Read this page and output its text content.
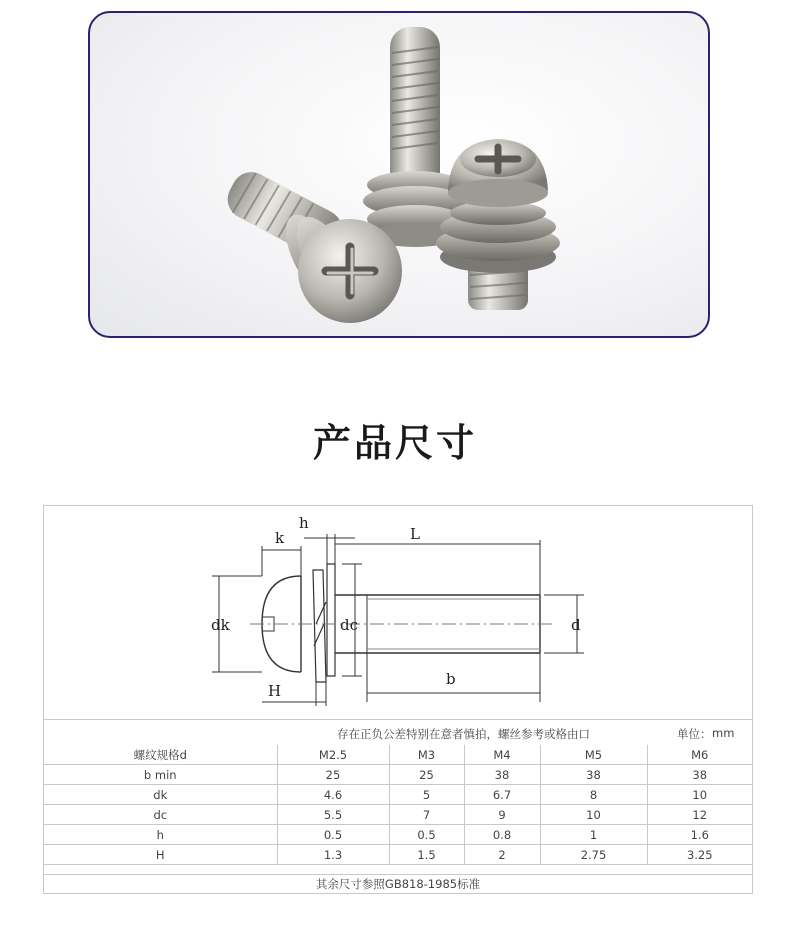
产品尺寸
h
k	L
dk	dc	d
H
b
存在正负公差特别在意者慎拍，螺丝参考或格由口	单位： mm
螺纹规格d	M2.5	M3	M4	M5	M6
b min	25	25	38	38	38
dk	4.6	5	6.7	8	10
dc	5.5	7	9	10	12
h	0.5	0.5	0.8	1	1.6
H	1.3	1.5	2	2.75	3.25
其余尺寸参照GB818-1985标准
